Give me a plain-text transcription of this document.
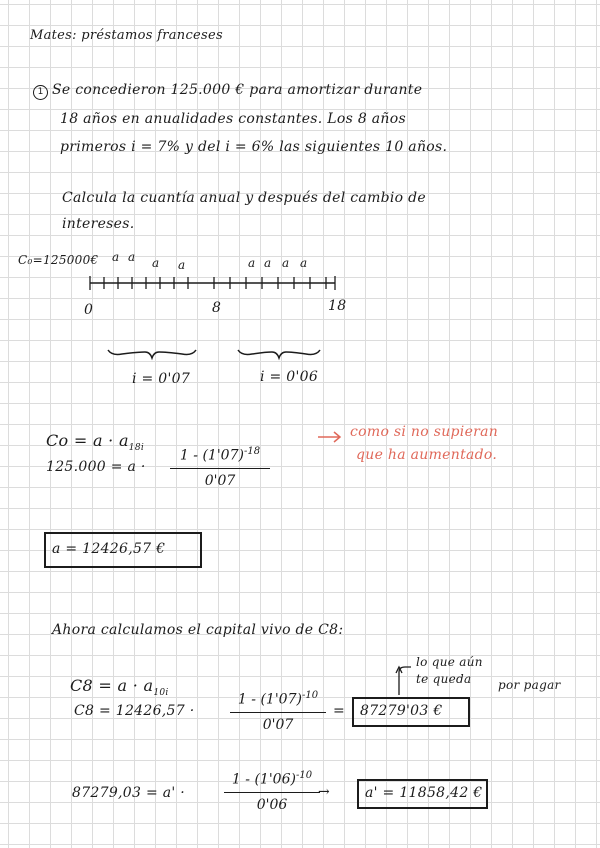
Mates: préstamos franceses
1 Se concedieron 125.000 € para amortizar durante
18 años en anualidades constantes. Los 8 años
primeros i = 7% y del i = 6% las siguientes 10 años.
Calcula la cuantía anual y después del cambio de
intereses.
C₀=125000€ a a a a	a a a a
0	8	18
i = 0'07	i = 0'06
$Co = a \cdot a_{18i}$
125.000 = a ·
$1 - (1'07)^{-18}$
0'07
como si no supieran
que ha aumentado.
a = 12426,57 €
Ahora calculamos el capital vivo de C8:
$C8 = a \cdot a_{10i}$
C8 = 12426,57 ·
$1 - (1'07)^{-10}$
0'07
= 87279'03 €
lo que aún
te queda por pagar
87279,03 = a' ·
$1 - (1'06)^{-10}$
0'06
→ a' = 11858,42 €
